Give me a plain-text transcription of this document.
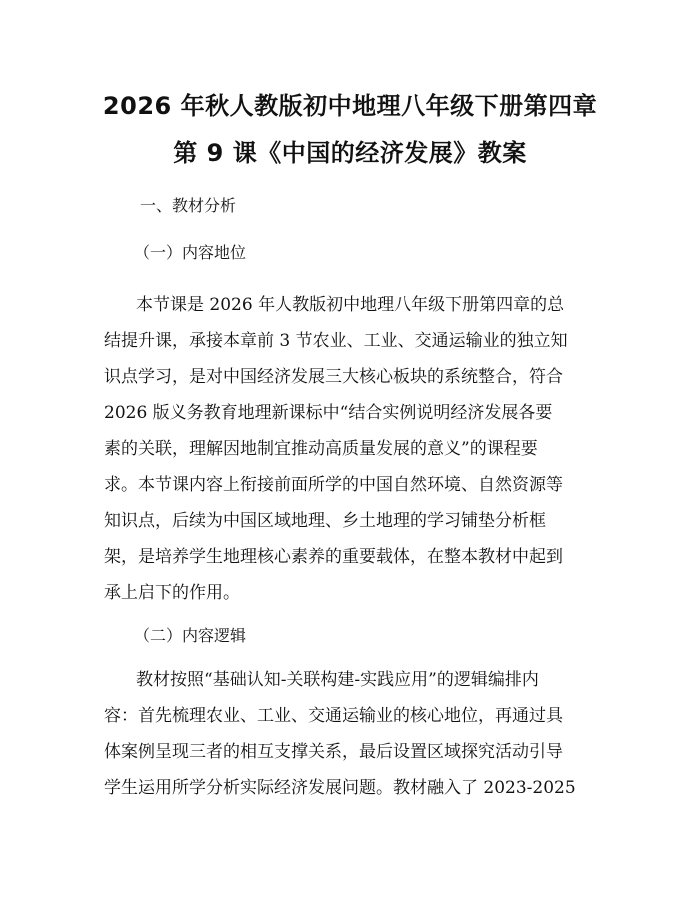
2026 年秋人教版初中地理八年级下册第四章
第 9 课《中国的经济发展》教案
一、教材分析
（一）内容地位
本节课是 2026 年人教版初中地理八年级下册第四章的总
结提升课，承接本章前 3 节农业、工业、交通运输业的独立知
识点学习，是对中国经济发展三大核心板块的系统整合，符合
2026 版义务教育地理新课标中“结合实例说明经济发展各要
素的关联，理解因地制宜推动高质量发展的意义”的课程要
求。本节课内容上衔接前面所学的中国自然环境、自然资源等
知识点，后续为中国区域地理、乡土地理的学习铺垫分析框
架，是培养学生地理核心素养的重要载体，在整本教材中起到
承上启下的作用。
（二）内容逻辑
教材按照“基础认知-关联构建-实践应用”的逻辑编排内
容：首先梳理农业、工业、交通运输业的核心地位，再通过具
体案例呈现三者的相互支撑关系，最后设置区域探究活动引导
学生运用所学分析实际经济发展问题。教材融入了 2023-2025
